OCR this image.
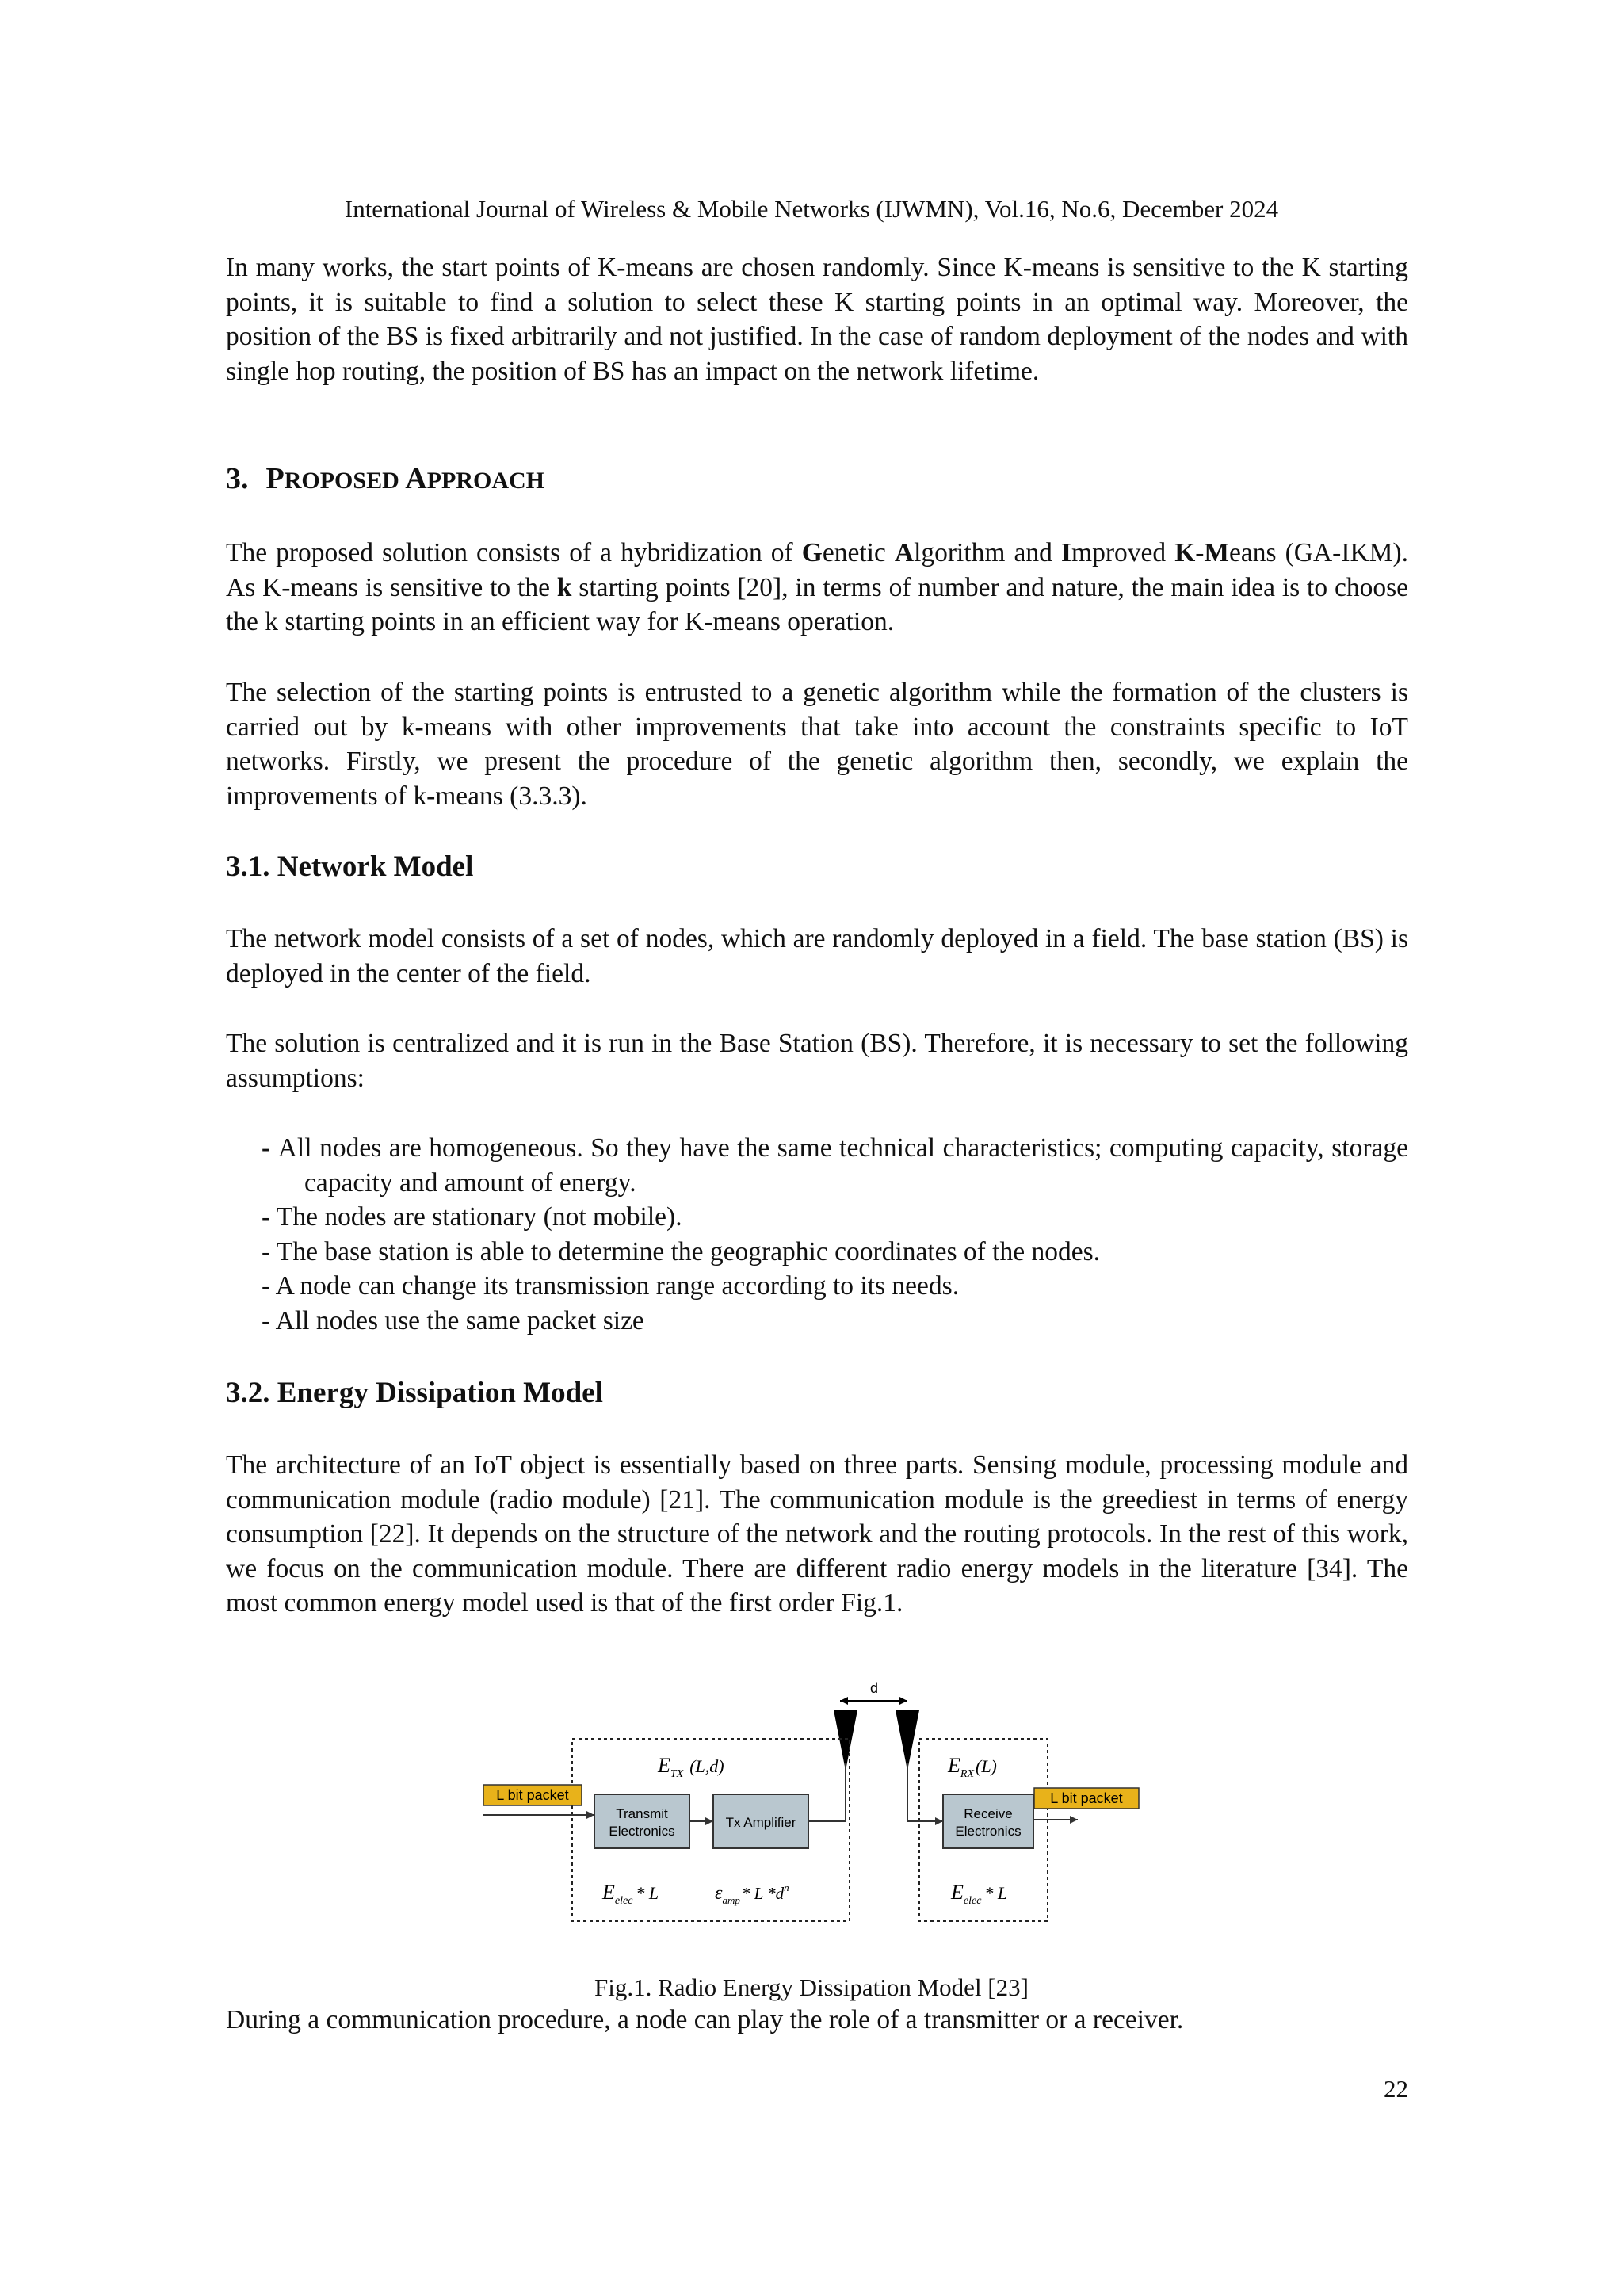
International Journal of Wireless & Mobile Networks (IJWMN), Vol.16, No.6, December 2024

In many works, the start points of K-means are chosen randomly. Since K-means is sensitive to the K starting points, it is suitable to find a solution to select these K starting points in an optimal way. Moreover, the position of the BS is fixed arbitrarily and not justified. In the case of random deployment of the nodes and with single hop routing, the position of BS has an impact on the network lifetime.

3. PROPOSED APPROACH

The proposed solution consists of a hybridization of Genetic Algorithm and Improved K-Means (GA-IKM). As K-means is sensitive to the k starting points [20], in terms of number and nature, the main idea is to choose the k starting points in an efficient way for K-means operation.

The selection of the starting points is entrusted to a genetic algorithm while the formation of the clusters is carried out by k-means with other improvements that take into account the constraints specific to IoT networks. Firstly, we present the procedure of the genetic algorithm then, secondly, we explain the improvements of k-means (3.3.3).

3.1. Network Model

The network model consists of a set of nodes, which are randomly deployed in a field. The base station (BS) is deployed in the center of the field.

The solution is centralized and it is run in the Base Station (BS). Therefore, it is necessary to set the following assumptions:

- All nodes are homogeneous. So they have the same technical characteristics; computing capacity, storage capacity and amount of energy.
- The nodes are stationary (not mobile).
- The base station is able to determine the geographic coordinates of the nodes.
- A node can change its transmission range according to its needs.
- All nodes use the same packet size
3.2. Energy Dissipation Model

The architecture of an IoT object is essentially based on three parts. Sensing module, processing module and communication module (radio module) [21]. The communication module is the greediest in terms of energy consumption [22]. It depends on the structure of the network and the routing protocols. In the rest of this work, we focus on the communication module. There are different radio energy models in the literature [34]. The most common energy model used is that of the first order Fig.1.

d
$E_{TX}$ $^{(L,d)}$	$E_{RX}^{(L)}$
L bit packet
Transmit
Electronics
Tx Amplifier
Receive
Electronics
L bit packet
$E_{elec}$ $^{* L}$	$\varepsilon_{amp}*$ L $*d^n$	$E_{elec}$ $^{* L}$
Fig.1. Radio Energy Dissipation Model [23]

During a communication procedure, a node can play the role of a transmitter or a receiver.

22
